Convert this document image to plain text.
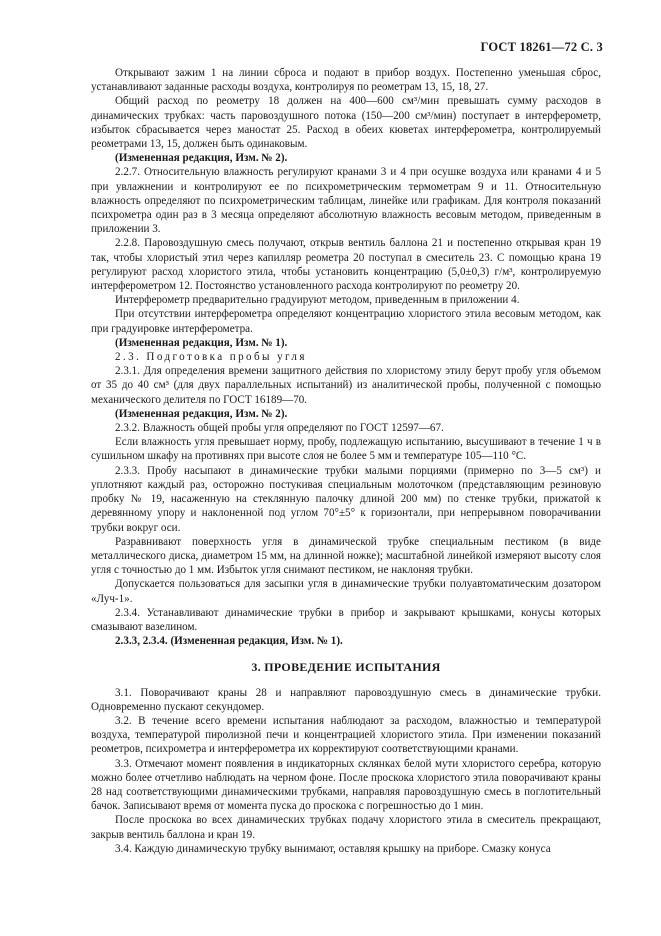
ГОСТ 18261—72 С. 3

Открывают зажим 1 на линии сброса и подают в прибор воздух. Постепенно уменьшая сброс, устанавливают заданные расходы воздуха, контролируя по реометрам 13, 15, 18, 27.

Общий расход по реометру 18 должен на 400—600 см³/мин превышать сумму расходов в динамических трубках: часть паровоздушного потока (150—200 см³/мин) поступает в интерферометр, избыток сбрасывается через маностат 25. Расход в обеих кюветах интерферометра, контролируемый реометрами 13, 15, должен быть одинаковым.

(Измененная редакция, Изм. № 2).

2.2.7. Относительную влажность регулируют кранами 3 и 4 при осушке воздуха или кранами 4 и 5 при увлажнении и контролируют ее по психрометрическим термометрам 9 и 11. Относительную влажность определяют по психрометрическим таблицам, линейке или графикам. Для контроля показаний психрометра один раз в 3 месяца определяют абсолютную влажность весовым методом, приведенным в приложении 3.

2.2.8. Паровоздушную смесь получают, открыв вентиль баллона 21 и постепенно открывая кран 19 так, чтобы хлористый этил через капилляр реометра 20 поступал в смеситель 23. С помощью крана 19 регулируют расход хлористого этила, чтобы установить концентрацию (5,0±0,3) г/м³, контролируемую интерферометром 12. Постоянство установленного расхода контролируют по реометру 20.

Интерферометр предварительно градуируют методом, приведенным в приложении 4.

При отсутствии интерферометра определяют концентрацию хлористого этила весовым методом, как при градуировке интерферометра.

(Измененная редакция, Изм. № 1).

2.3. Подготовка пробы угля

2.3.1. Для определения времени защитного действия по хлористому этилу берут пробу угля объемом от 35 до 40 см³ (для двух параллельных испытаний) из аналитической пробы, полученной с помощью механического делителя по ГОСТ 16189—70.

(Измененная редакция, Изм. № 2).

2.3.2. Влажность общей пробы угля определяют по ГОСТ 12597—67.

Если влажность угля превышает норму, пробу, подлежащую испытанию, высушивают в течение 1 ч в сушильном шкафу на противнях при высоте слоя не более 5 мм и температуре 105—110 °С.

2.3.3. Пробу насыпают в динамические трубки малыми порциями (примерно по 3—5 см³) и уплотняют каждый раз, осторожно постукивая специальным молоточком (представляющим резиновую пробку № 19, насаженную на стеклянную палочку длиной 200 мм) по стенке трубки, прижатой к деревянному упору и наклоненной под углом 70°±5° к горизонтали, при непрерывном поворачивании трубки вокруг оси.

Разравнивают поверхность угля в динамической трубке специальным пестиком (в виде металлического диска, диаметром 15 мм, на длинной ножке); масштабной линейкой измеряют высоту слоя угля с точностью до 1 мм. Избыток угля снимают пестиком, не наклоняя трубки.

Допускается пользоваться для засыпки угля в динамические трубки полуавтоматическим дозатором «Луч-1».

2.3.4. Устанавливают динамические трубки в прибор и закрывают крышками, конусы которых смазывают вазелином.

2.3.3, 2.3.4. (Измененная редакция, Изм. № 1).

3. ПРОВЕДЕНИЕ ИСПЫТАНИЯ

3.1. Поворачивают краны 28 и направляют паровоздушную смесь в динамические трубки. Одновременно пускают секундомер.

3.2. В течение всего времени испытания наблюдают за расходом, влажностью и температурой воздуха, температурой пиролизной печи и концентрацией хлористого этила. При изменении показаний реометров, психрометра и интерферометра их корректируют соответствующими кранами.

3.3. Отмечают момент появления в индикаторных склянках белой мути хлористого серебра, которую можно более отчетливо наблюдать на черном фоне. После проскока хлористого этила поворачивают краны 28 над соответствующими динамическими трубками, направляя паровоздушную смесь в поглотительный бачок. Записывают время от момента пуска до проскока с погрешностью до 1 мин.

После проскока во всех динамических трубках подачу хлористого этила в смеситель прекращают, закрыв вентиль баллона и кран 19.

3.4. Каждую динамическую трубку вынимают, оставляя крышку на приборе. Смазку конуса
